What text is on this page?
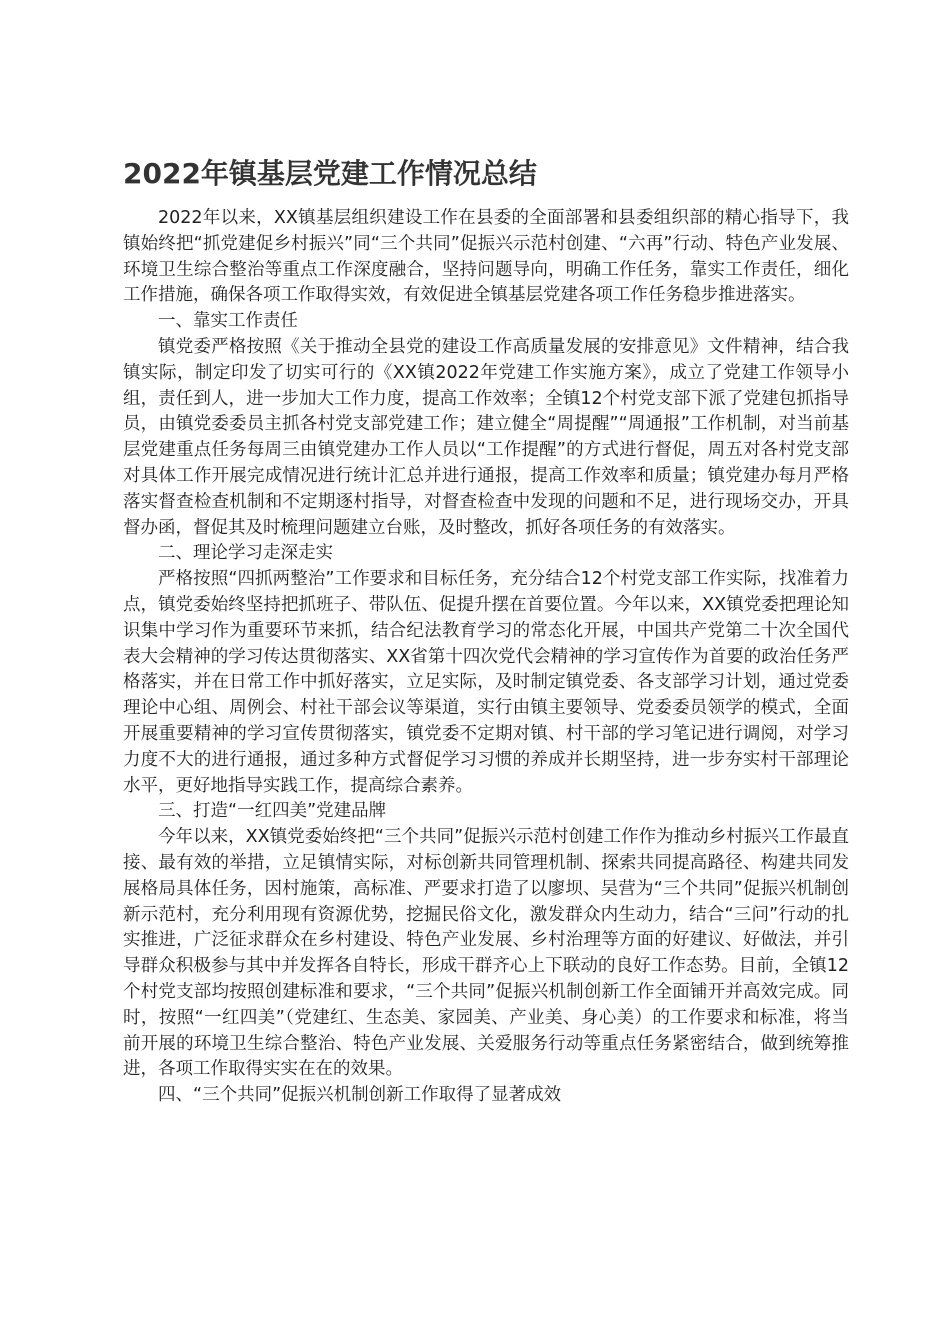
2022年镇基层党建工作情况总结

2022年以来，XX镇基层组织建设工作在县委的全面部署和县委组织部的精心指导下，我镇始终把“抓党建促乡村振兴”同“三个共同”促振兴示范村创建、“六再”行动、特色产业发展、环境卫生综合整治等重点工作深度融合，坚持问题导向，明确工作任务，靠实工作责任，细化工作措施，确保各项工作取得实效，有效促进全镇基层党建各项工作任务稳步推进落实。

一、靠实工作责任

镇党委严格按照《关于推动全县党的建设工作高质量发展的安排意见》文件精神，结合我镇实际，制定印发了切实可行的《XX镇2022年党建工作实施方案》，成立了党建工作领导小组，责任到人，进一步加大工作力度，提高工作效率；全镇12个村党支部下派了党建包抓指导员，由镇党委委员主抓各村党支部党建工作；建立健全“周提醒”“周通报”工作机制，对当前基层党建重点任务每周三由镇党建办工作人员以“工作提醒”的方式进行督促，周五对各村党支部对具体工作开展完成情况进行统计汇总并进行通报，提高工作效率和质量；镇党建办每月严格落实督查检查机制和不定期逐村指导，对督查检查中发现的问题和不足，进行现场交办，开具督办函，督促其及时梳理问题建立台账，及时整改，抓好各项任务的有效落实。

二、理论学习走深走实

严格按照“四抓两整治”工作要求和目标任务，充分结合12个村党支部工作实际，找准着力点，镇党委始终坚持把抓班子、带队伍、促提升摆在首要位置。今年以来，XX镇党委把理论知识集中学习作为重要环节来抓，结合纪法教育学习的常态化开展，中国共产党第二十次全国代表大会精神的学习传达贯彻落实、XX省第十四次党代会精神的学习宣传作为首要的政治任务严格落实，并在日常工作中抓好落实，立足实际，及时制定镇党委、各支部学习计划，通过党委理论中心组、周例会、村社干部会议等渠道，实行由镇主要领导、党委委员领学的模式，全面开展重要精神的学习宣传贯彻落实，镇党委不定期对镇、村干部的学习笔记进行调阅，对学习力度不大的进行通报，通过多种方式督促学习习惯的养成并长期坚持，进一步夯实村干部理论水平，更好地指导实践工作，提高综合素养。

三、打造“一红四美”党建品牌

今年以来，XX镇党委始终把“三个共同”促振兴示范村创建工作作为推动乡村振兴工作最直接、最有效的举措，立足镇情实际，对标创新共同管理机制、探索共同提高路径、构建共同发展格局具体任务，因村施策，高标准、严要求打造了以廖坝、吴营为“三个共同”促振兴机制创新示范村，充分利用现有资源优势，挖掘民俗文化，激发群众内生动力，结合“三问”行动的扎实推进，广泛征求群众在乡村建设、特色产业发展、乡村治理等方面的好建议、好做法，并引导群众积极参与其中并发挥各自特长，形成干群齐心上下联动的良好工作态势。目前，全镇12个村党支部均按照创建标准和要求，“三个共同”促振兴机制创新工作全面铺开并高效完成。同时，按照“一红四美”（党建红、生态美、家园美、产业美、身心美）的工作要求和标准，将当前开展的环境卫生综合整治、特色产业发展、关爱服务行动等重点任务紧密结合，做到统筹推进，各项工作取得实实在在的效果。

四、“三个共同”促振兴机制创新工作取得了显著成效
